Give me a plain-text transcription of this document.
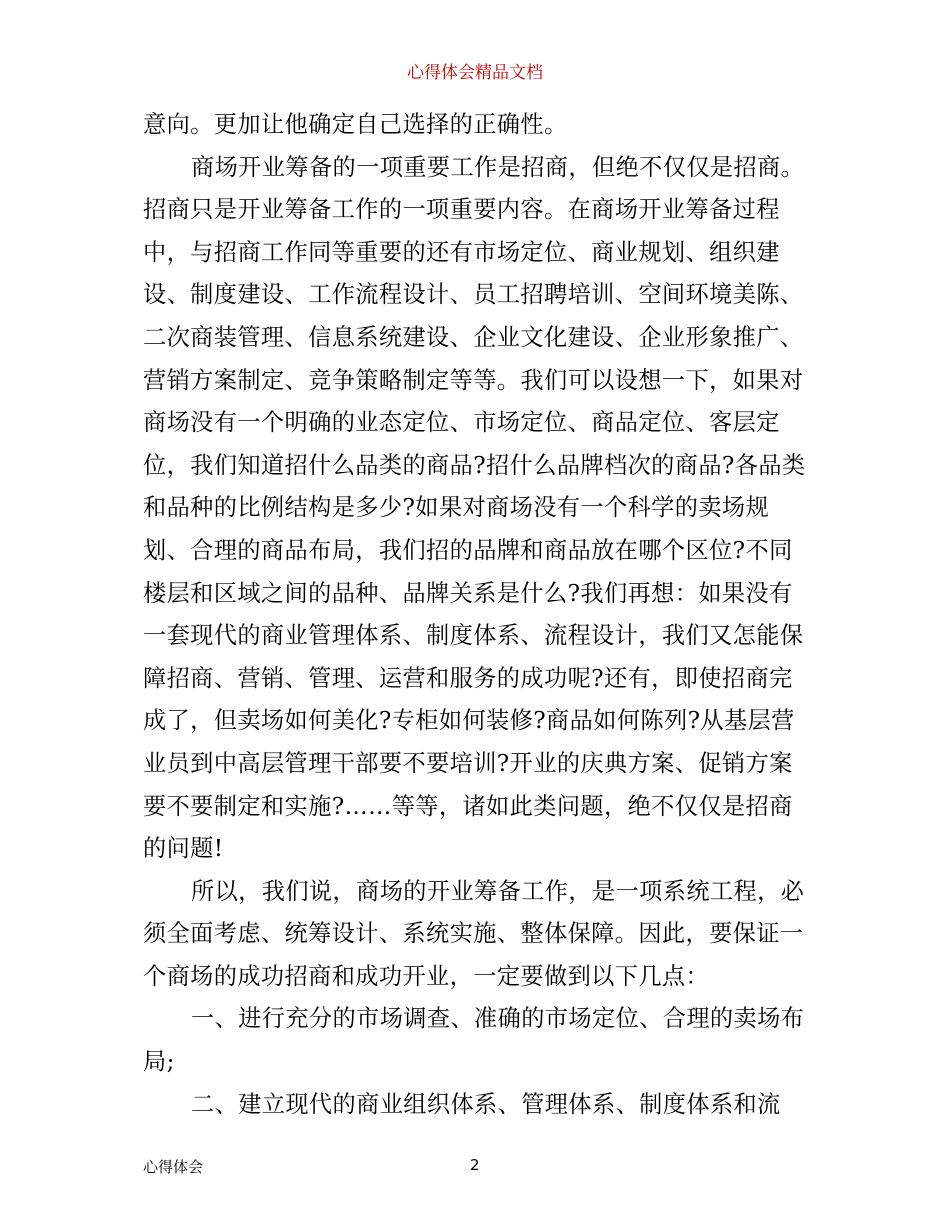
心得体会精品文档

意向。更加让他确定自己选择的正确性。

商场开业筹备的一项重要工作是招商，但绝不仅仅是招商。招商只是开业筹备工作的一项重要内容。在商场开业筹备过程中，与招商工作同等重要的还有市场定位、商业规划、组织建设、制度建设、工作流程设计、员工招聘培训、空间环境美陈、二次商装管理、信息系统建设、企业文化建设、企业形象推广、营销方案制定、竞争策略制定等等。我们可以设想一下，如果对商场没有一个明确的业态定位、市场定位、商品定位、客层定位，我们知道招什么品类的商品?招什么品牌档次的商品?各品类和品种的比例结构是多少?如果对商场没有一个科学的卖场规划、合理的商品布局，我们招的品牌和商品放在哪个区位?不同楼层和区域之间的品种、品牌关系是什么?我们再想：如果没有一套现代的商业管理体系、制度体系、流程设计，我们又怎能保障招商、营销、管理、运营和服务的成功呢?还有，即使招商完成了，但卖场如何美化?专柜如何装修?商品如何陈列?从基层营业员到中高层管理干部要不要培训?开业的庆典方案、促销方案要不要制定和实施?……等等，诸如此类问题，绝不仅仅是招商的问题!

所以，我们说，商场的开业筹备工作，是一项系统工程，必须全面考虑、统筹设计、系统实施、整体保障。因此，要保证一个商场的成功招商和成功开业，一定要做到以下几点：

一、进行充分的市场调查、准确的市场定位、合理的卖场布局;

二、建立现代的商业组织体系、管理体系、制度体系和流

心得体会	2
